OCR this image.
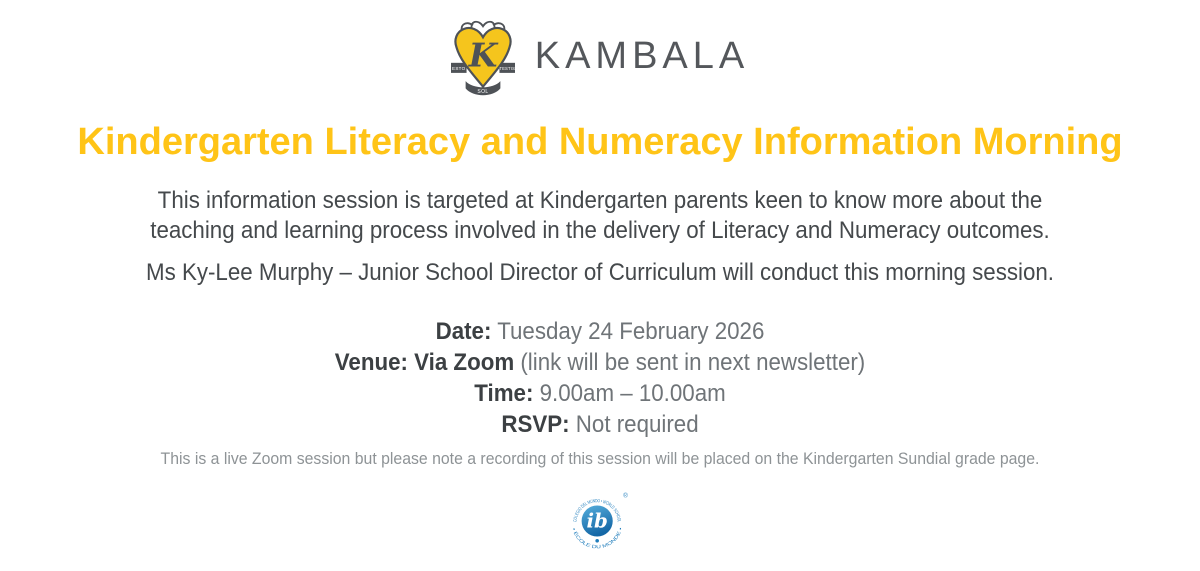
ESTO	TESTIS
SOL
K KAMBALA
Kindergarten Literacy and Numeracy Information Morning
This information session is targeted at Kindergarten parents keen to know more about the
teaching and learning process involved in the delivery of Literacy and Numeracy outcomes.

Ms Ky-Lee Murphy – Junior School Director of Curriculum will conduct this morning session.

Date: Tuesday 24 February 2026
Venue: Via Zoom (link will be sent in next newsletter)
Time: 9.00am – 10.00am
RSVP: Not required

This is a live Zoom session but please note a recording of this session will be placed on the Kindergarten Sundial grade page.

COLEGIO DEL MUNDO • WORLD SCHOOL
• ÉCOLE DU MONDE •
ib
®
